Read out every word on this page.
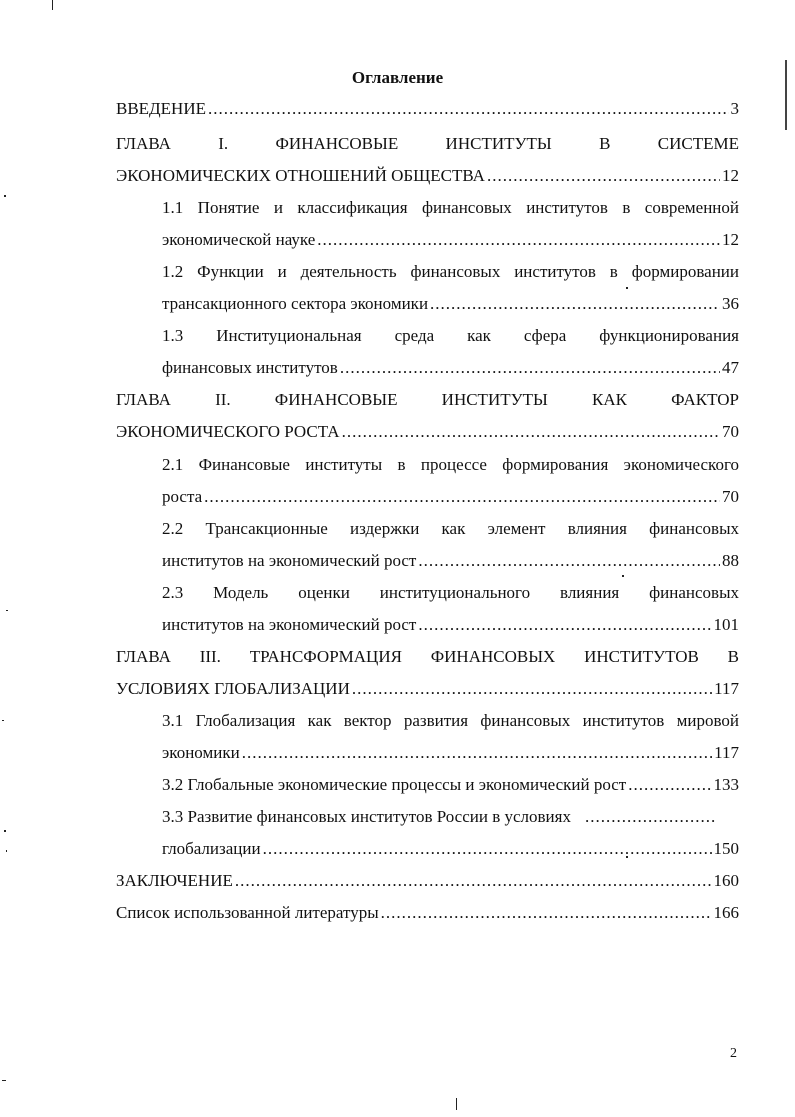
Оглавление
ВВЕДЕНИЕ .....	3
ГЛАВА I. ФИНАНСОВЫЕ ИНСТИТУТЫ В СИСТЕМЕ
ЭКОНОМИЧЕСКИХ ОТНОШЕНИЙ ОБЩЕСТВА .....	12
1.1 Понятие и классификация финансовых институтов в современной
экономической науке .....	12
1.2 Функции и деятельность финансовых институтов в формировании
трансакционного сектора экономики .....	36
1.3 Институциональная среда как сфера функционирования
финансовых институтов .....	47
ГЛАВА II. ФИНАНСОВЫЕ ИНСТИТУТЫ КАК ФАКТОР
ЭКОНОМИЧЕСКОГО РОСТА .....	70
2.1 Финансовые институты в процессе формирования экономического
роста .....	70
2.2 Трансакционные издержки как элемент влияния финансовых
институтов на экономический рост .....	88
2.3 Модель оценки институционального влияния финансовых
институтов на экономический рост .....	101
ГЛАВА III. ТРАНСФОРМАЦИЯ ФИНАНСОВЫХ ИНСТИТУТОВ В
УСЛОВИЯХ ГЛОБАЛИЗАЦИИ .....	117
3.1 Глобализация как вектор развития финансовых институтов мировой
экономики .....	117
3.2 Глобальные экономические процессы и экономический рост .....	133
3.3 Развитие финансовых институтов России в условиях .........................
глобализации .....	150
ЗАКЛЮЧЕНИЕ .....	160
Список использованной литературы .....	166
2
